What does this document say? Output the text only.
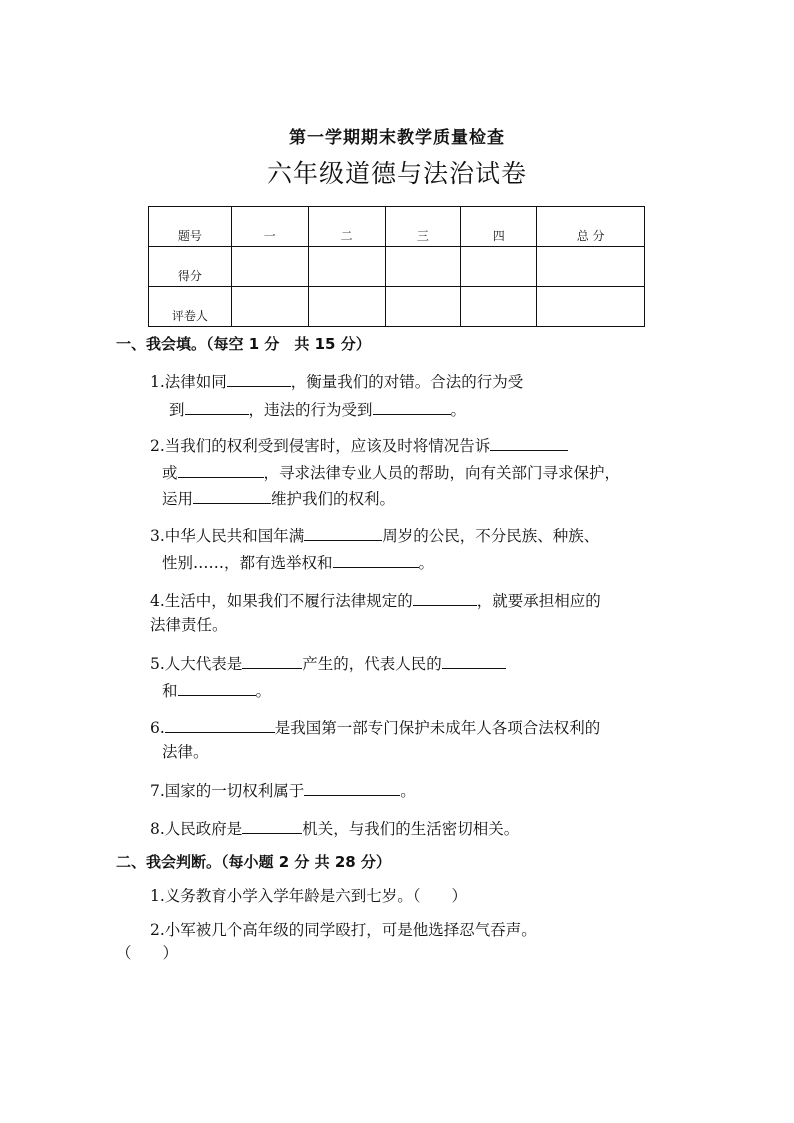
第一学期期末教学质量检查
六年级道德与法治试卷
题号	一	二	三	四	总 分
得分					
评卷人					
一、我会填。（每空 1 分　共 15 分）
1.法律如同	，衡量我们的对错。合法的行为受
到	，违法的行为受到	。
2.当我们的权利受到侵害时，应该及时将情况告诉
或	，寻求法律专业人员的帮助，向有关部门寻求保护，
运用	维护我们的权利。
3.中华人民共和国年满	周岁的公民，不分民族、种族、
性别……，都有选举权和	。
4.生活中，如果我们不履行法律规定的	，就要承担相应的
法律责任。
5.人大代表是	产生的，代表人民的
和	。
6.	是我国第一部专门保护未成年人各项合法权利的
法律。
7.国家的一切权利属于	。
8.人民政府是	机关，与我们的生活密切相关。
二、我会判断。（每小题 2 分 共 28 分）
1.义务教育小学入学年龄是六到七岁。（　　）
2.小军被几个高年级的同学殴打，可是他选择忍气吞声。
（　　）
